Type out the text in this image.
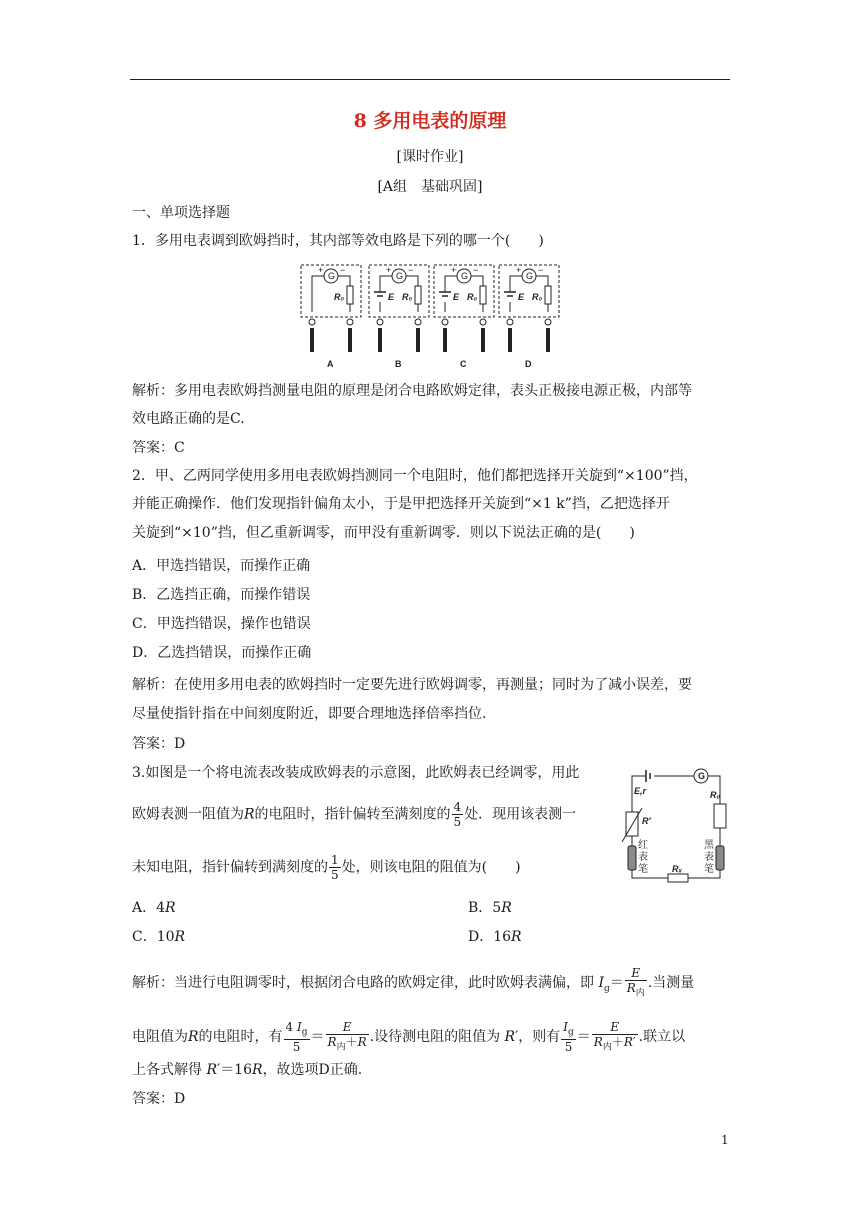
8 多用电表的原理
[课时作业]
[A组　基础巩固]
一、单项选择题
1．多用电表调到欧姆挡时，其内部等效电路是下列的哪一个(　　)
G	G	G	G
+ −	+ −	+ −	+ −
R₀	R₀	R₀	R₀
E	E	E
A	B	C	D
解析：多用电表欧姆挡测量电阻的原理是闭合电路欧姆定律，表头正极接电源正极，内部等
效电路正确的是C.
答案：C
2．甲、乙两同学使用多用电表欧姆挡测同一个电阻时，他们都把选择开关旋到“×100”挡，
并能正确操作．他们发现指针偏角太小，于是甲把选择开关旋到“×1 k”挡，乙把选择开
关旋到“×10”挡，但乙重新调零，而甲没有重新调零．则以下说法正确的是(　　)
A．甲选挡错误，而操作正确
B．乙选挡正确，而操作错误
C．甲选挡错误，操作也错误
D．乙选挡错误，而操作正确
解析：在使用多用电表的欧姆挡时一定要先进行欧姆调零，再测量；同时为了减小误差，要
尽量使指针指在中间刻度附近，即要合理地选择倍率挡位.
答案：D
3.如图是一个将电流表改装成欧姆表的示意图，此欧姆表已经调零，用此
欧姆表测一阻值为R的电阻时，指针偏转至满刻度的 $\frac{4}{5}$ 处．现用该表测一
未知电阻，指针偏转到满刻度的 $\frac{1}{5}$ 处，则该电阻的阻值为(　　)
G
E,r
R′
R₀
Rₓ
红
表
笔
黑
表
笔
A．4R	B．5R
C．10R	D．16R
解析：当进行电阻调零时，根据闭合电路的欧姆定律，此时欧姆表满偏，即 $I_g= \frac{E}{R_内}$ .当测量
电阻值为R的电阻时，有 $\frac{4 I_g}{5} = \frac{E}{R_内+R}$ .设待测电阻的阻值为 R′，则有 $\frac{I_g}{5} = \frac{E}{R_内+R'}$ .联立以
上各式解得 R′＝16R，故选项D正确.
答案：D
1
